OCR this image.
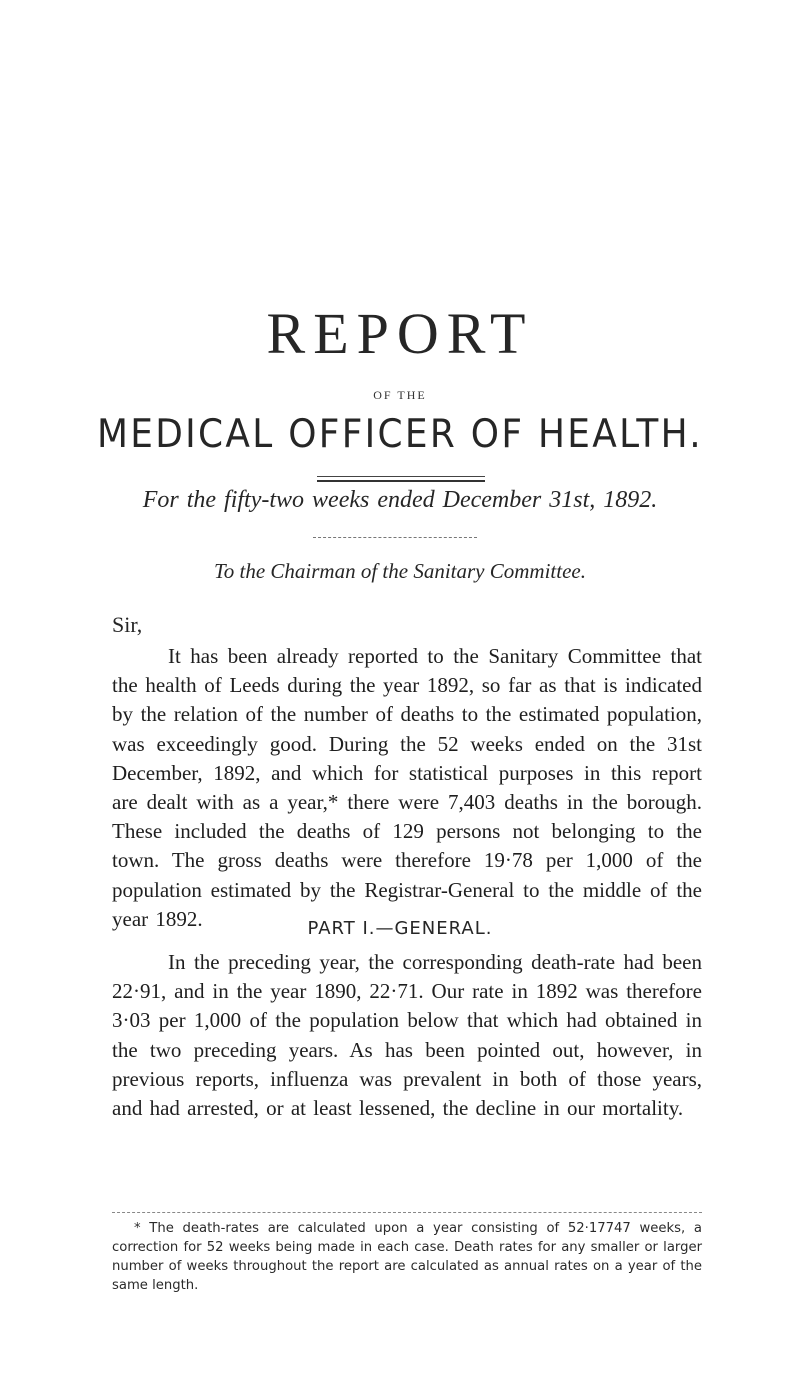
REPORT
OF THE
MEDICAL OFFICER OF HEALTH.
For the fifty-two weeks ended December 31st, 1892.
To the Chairman of the Sanitary Committee.
Sir,

It has been already reported to the Sanitary Committee that the health of Leeds during the year 1892, so far as that is indicated by the relation of the number of deaths to the estimated population, was exceedingly good. During the 52 weeks ended on the 31st December, 1892, and which for statistical purposes in this report are dealt with as a year,* there were 7,403 deaths in the borough. These included the deaths of 129 persons not belonging to the town. The gross deaths were therefore 19·78 per 1,000 of the population estimated by the Registrar-General to the middle of the year 1892.	PART I.—GENERAL.

In the preceding year, the corresponding death-rate had been 22·91, and in the year 1890, 22·71. Our rate in 1892 was therefore 3·03 per 1,000 of the population below that which had obtained in the two preceding years. As has been pointed out, however, in previous reports, influenza was prevalent in both of those years, and had arrested, or at least lessened, the decline in our mortality.

* The death-rates are calculated upon a year consisting of 52·17747 weeks, a correction for 52 weeks being made in each case. Death rates for any smaller or larger number of weeks throughout the report are calculated as annual rates on a year of the same length.
